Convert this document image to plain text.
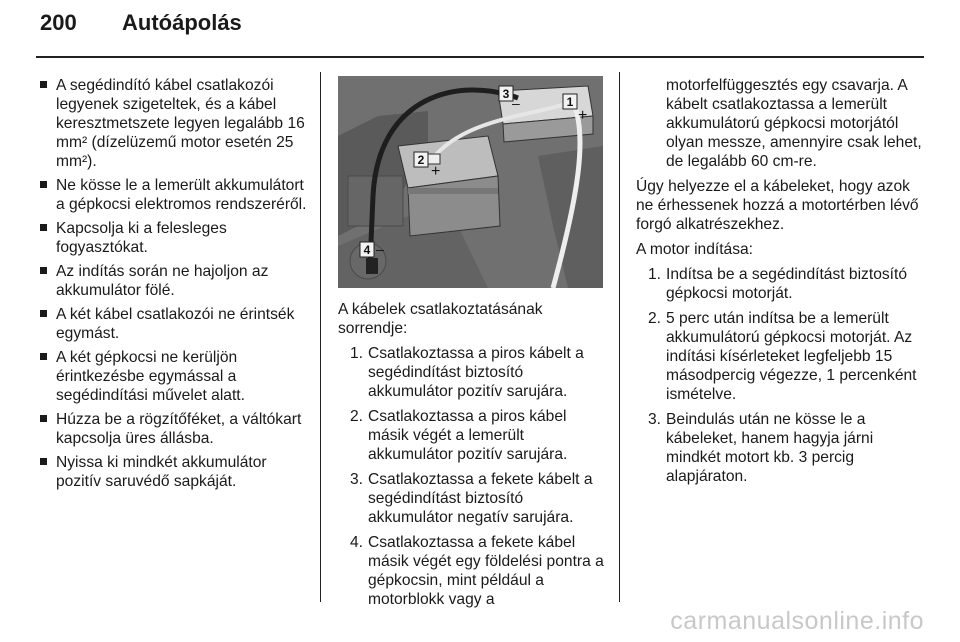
200	Autóápolás
A segédindító kábel csatlakozói legyenek szigeteltek, és a kábel keresztmetszete legyen legalább 16 mm² (dízelüzemű motor esetén 25 mm²).
Ne kösse le a lemerült akkumulátort a gépkocsi elektromos rendszeréről.
Kapcsolja ki a felesleges fogyasztókat.
Az indítás során ne hajoljon az akkumulátor fölé.
A két kábel csatlakozói ne érintsék egymást.
A két gépkocsi ne kerüljön érintkezésbe egymással a segédindítási művelet alatt.
Húzza be a rögzítőféket, a váltókart kapcsolja üres állásba.
Nyissa ki mindkét akkumulátor pozitív saruvédő sapkáját.
3
1
2
4
–
+
+
–

A kábelek csatlakoztatásának sorrendje:

1. Csatlakoztassa a piros kábelt a segédindítást biztosító akkumulátor pozitív sarujára.
2. Csatlakoztassa a piros kábel másik végét a lemerült akkumulátor pozitív sarujára.
3. Csatlakoztassa a fekete kábelt a segédindítást biztosító akkumulátor negatív sarujára.
4. Csatlakoztassa a fekete kábel másik végét egy földelési pontra a gépkocsin, mint például a motorblokk vagy a

motorfelfüggesztés egy csavarja. A kábelt csatlakoztassa a lemerült akkumulátorú gépkocsi motorjától olyan messze, amennyire csak lehet, de legalább 60 cm-re.

Úgy helyezze el a kábeleket, hogy azok ne érhessenek hozzá a motortérben lévő forgó alkatrészekhez.

A motor indítása:

1. Indítsa be a segédindítást biztosító gépkocsi motorját.
2. 5 perc után indítsa be a lemerült akkumulátorú gépkocsi motorját. Az indítási kísérleteket legfeljebb 15 másodpercig végezze, 1 percenként ismételve.
3. Beindulás után ne kösse le a kábeleket, hanem hagyja járni mindkét motort kb. 3 percig alapjáraton.
carmanualsonline.info
